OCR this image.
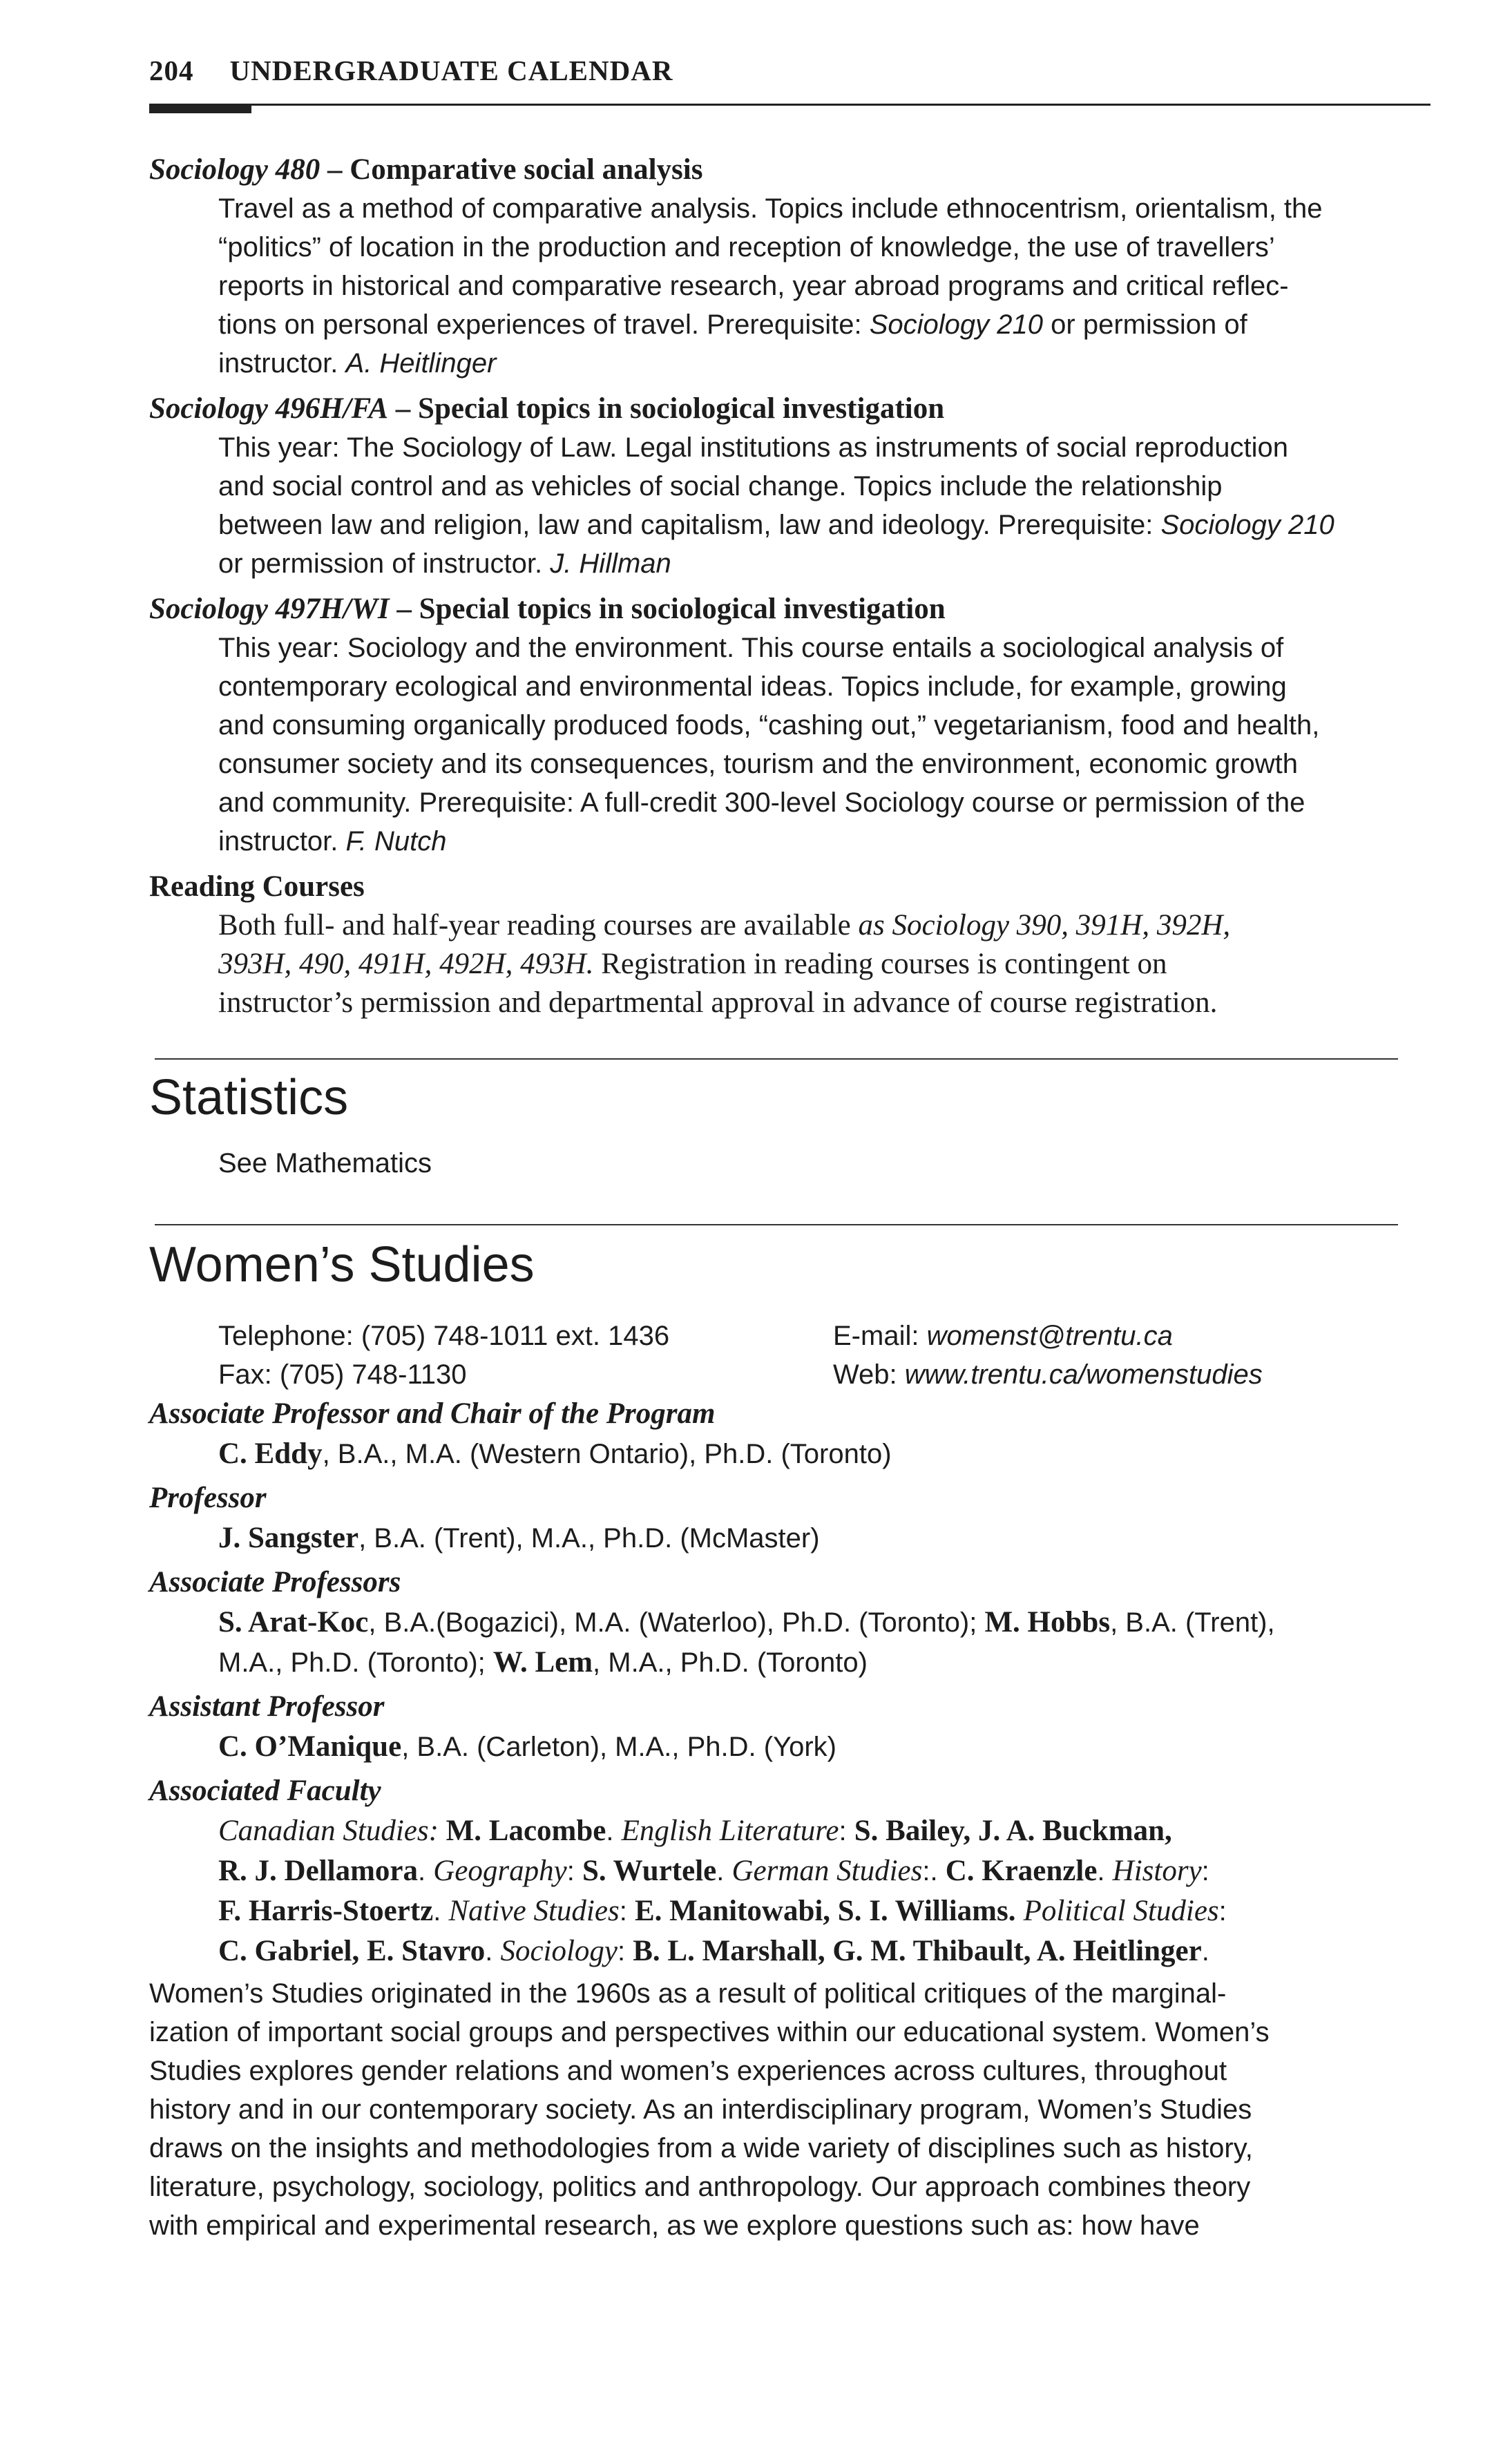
204 UNDERGRADUATE CALENDAR
Sociology 480 – Comparative social analysis
Travel as a method of comparative analysis. Topics include ethnocentrism, orientalism, the
“politics” of location in the production and reception of knowledge, the use of travellers’
reports in historical and comparative research, year abroad programs and critical reflec-
tions on personal experiences of travel. Prerequisite: Sociology 210 or permission of
instructor. A. Heitlinger
Sociology 496H/FA – Special topics in sociological investigation
This year: The Sociology of Law. Legal institutions as instruments of social reproduction
and social control and as vehicles of social change. Topics include the relationship
between law and religion, law and capitalism, law and ideology. Prerequisite: Sociology 210
or permission of instructor. J. Hillman
Sociology 497H/WI – Special topics in sociological investigation
This year: Sociology and the environment. This course entails a sociological analysis of
contemporary ecological and environmental ideas. Topics include, for example, growing
and consuming organically produced foods, “cashing out,” vegetarianism, food and health,
consumer society and its consequences, tourism and the environment, economic growth
and community. Prerequisite: A full-credit 300-level Sociology course or permission of the
instructor. F. Nutch
Reading Courses
Both full- and half-year reading courses are available as Sociology 390, 391H, 392H,
393H, 490, 491H, 492H, 493H. Registration in reading courses is contingent on
instructor’s permission and departmental approval in advance of course registration.
Statistics
See Mathematics
Women’s Studies
Telephone: (705) 748-1011 ext. 1436	E-mail: womenst@trentu.ca
Fax: (705) 748-1130	Web: www.trentu.ca/womenstudies
Associate Professor and Chair of the Program
C. Eddy, B.A., M.A. (Western Ontario), Ph.D. (Toronto)
Professor
J. Sangster, B.A. (Trent), M.A., Ph.D. (McMaster)
Associate Professors
S. Arat-Koc, B.A.(Bogazici), M.A. (Waterloo), Ph.D. (Toronto); M. Hobbs, B.A. (Trent),
M.A., Ph.D. (Toronto); W. Lem, M.A., Ph.D. (Toronto)
Assistant Professor
C. O’Manique, B.A. (Carleton), M.A., Ph.D. (York)
Associated Faculty
Canadian Studies: M. Lacombe. English Literature: S. Bailey, J. A. Buckman,
R. J. Dellamora. Geography: S. Wurtele. German Studies:. C. Kraenzle. History:
F. Harris-Stoertz. Native Studies: E. Manitowabi, S. I. Williams. Political Studies:
C. Gabriel, E. Stavro. Sociology: B. L. Marshall, G. M. Thibault, A. Heitlinger.
Women’s Studies originated in the 1960s as a result of political critiques of the marginal-
ization of important social groups and perspectives within our educational system. Women’s
Studies explores gender relations and women’s experiences across cultures, throughout
history and in our contemporary society. As an interdisciplinary program, Women’s Studies
draws on the insights and methodologies from a wide variety of disciplines such as history,
literature, psychology, sociology, politics and anthropology. Our approach combines theory
with empirical and experimental research, as we explore questions such as: how have
